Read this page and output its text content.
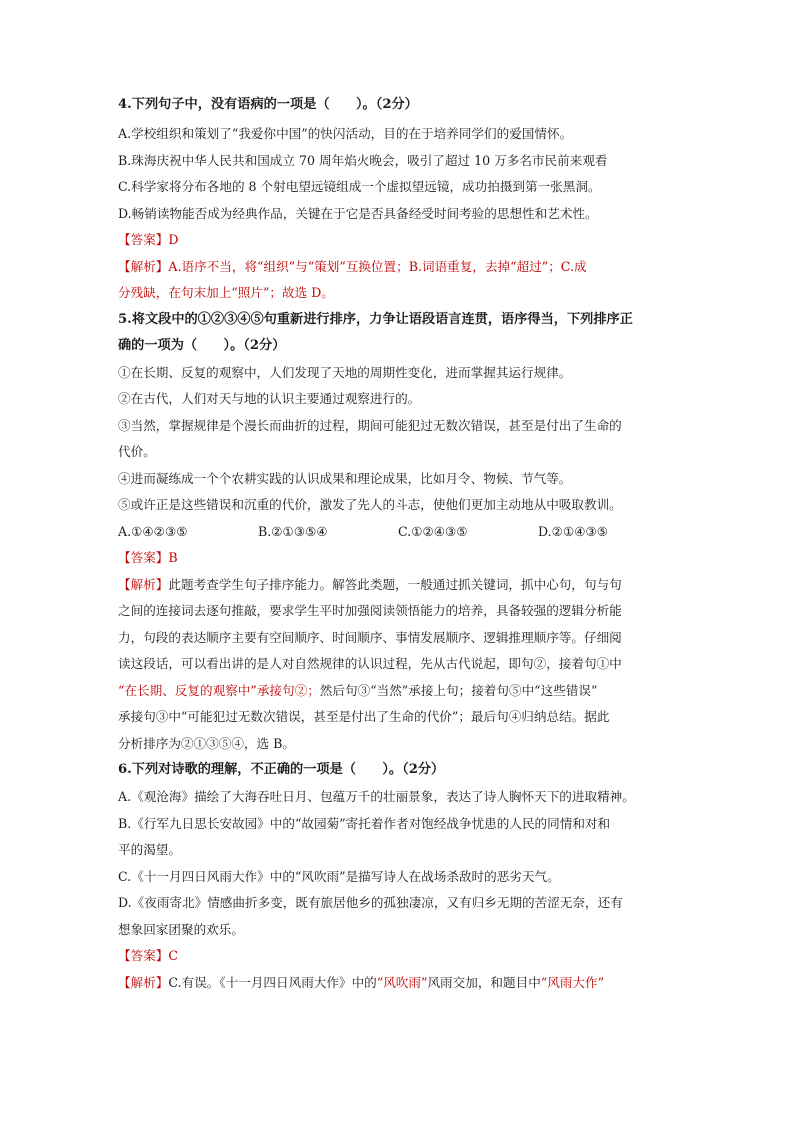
4.下列句子中，没有语病的一项是（　　）。（2分）

A.学校组织和策划了“我爱你中国”的快闪活动，目的在于培养同学们的爱国情怀。

B.珠海庆祝中华人民共和国成立 70 周年焰火晚会，吸引了超过 10 万多名市民前来观看

C.科学家将分布各地的 8 个射电望远镜组成一个虚拟望远镜，成功拍摄到第一张黑洞。

D.畅销读物能否成为经典作品，关键在于它是否具备经受时间考验的思想性和艺术性。

【答案】D

【解析】A.语序不当，将“组织”与“策划”互换位置；B.词语重复，去掉“超过”；C.成

分残缺，在句末加上“照片”；故选 D。

5.将文段中的①②③④⑤句重新进行排序，力争让语段语言连贯，语序得当，下列排序正

确的一项为（　　）。（2分）

①在长期、反复的观察中，人们发现了天地的周期性变化，进而掌握其运行规律。

②在古代，人们对天与地的认识主要通过观察进行的。

③当然，掌握规律是个漫长而曲折的过程，期间可能犯过无数次错误，甚至是付出了生命的

代价。

④进而凝练成一个个农耕实践的认识成果和理论成果，比如月令、物候、节气等。

⑤或许正是这些错误和沉重的代价，激发了先人的斗志，使他们更加主动地从中吸取教训。

A.①④②③⑤	B.②①③⑤④	C.①②④③⑤	D.②①④③⑤

【答案】B

【解析】此题考查学生句子排序能力。解答此类题，一般通过抓关键词，抓中心句，句与句

之间的连接词去逐句推敲，要求学生平时加强阅读领悟能力的培养，具备较强的逻辑分析能

力，句段的表达顺序主要有空间顺序、时间顺序、事情发展顺序、逻辑推理顺序等。仔细阅

读这段话，可以看出讲的是人对自然规律的认识过程，先从古代说起，即句②，接着句①中

“在长期、反复的观察中”承接句②；然后句③“当然”承接上句；接着句⑤中“这些错误”

承接句③中“可能犯过无数次错误，甚至是付出了生命的代价”；最后句④归纳总结。据此

分析排序为②①③⑤④，选 B。

6.下列对诗歌的理解，不正确的一项是（　　）。（2分）

A.《观沧海》描绘了大海吞吐日月、包蕴万千的壮丽景象，表达了诗人胸怀天下的进取精神。

B.《行军九日思长安故园》中的“故园菊”寄托着作者对饱经战争忧患的人民的同情和对和

平的渴望。

C.《十一月四日风雨大作》中的“风吹雨”是描写诗人在战场杀敌时的恶劣天气。

D.《夜雨寄北》情感曲折多变，既有旅居他乡的孤独凄凉，又有归乡无期的苦涩无奈，还有

想象回家团聚的欢乐。

【答案】C

【解析】C.有误。《十一月四日风雨大作》中的“风吹雨”风雨交加，和题目中“风雨大作”
